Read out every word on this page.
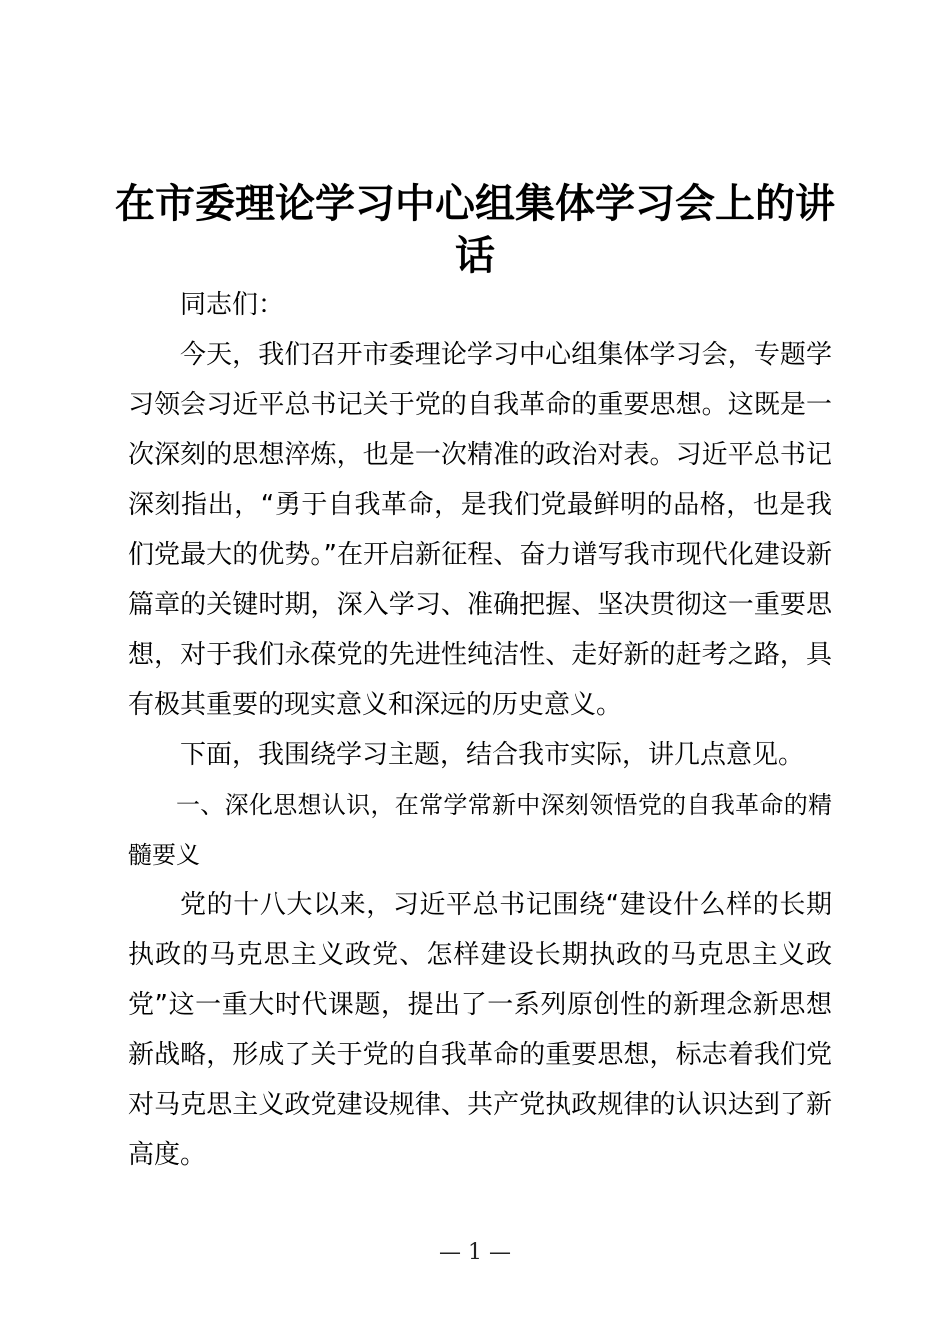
在市委理论学习中心组集体学习会上的讲话

同志们：

今天，我们召开市委理论学习中心组集体学习会，专题学习领会习近平总书记关于党的自我革命的重要思想。这既是一次深刻的思想淬炼，也是一次精准的政治对表。习近平总书记深刻指出，“勇于自我革命，是我们党最鲜明的品格，也是我们党最大的优势。”在开启新征程、奋力谱写我市现代化建设新篇章的关键时期，深入学习、准确把握、坚决贯彻这一重要思想，对于我们永葆党的先进性纯洁性、走好新的赶考之路，具有极其重要的现实意义和深远的历史意义。

下面，我围绕学习主题，结合我市实际，讲几点意见。

一、深化思想认识，在常学常新中深刻领悟党的自我革命的精髓要义

党的十八大以来，习近平总书记围绕“建设什么样的长期执政的马克思主义政党、怎样建设长期执政的马克思主义政党”这一重大时代课题，提出了一系列原创性的新理念新思想新战略，形成了关于党的自我革命的重要思想，标志着我们党对马克思主义政党建设规律、共产党执政规律的认识达到了新高度。

— 1 —
